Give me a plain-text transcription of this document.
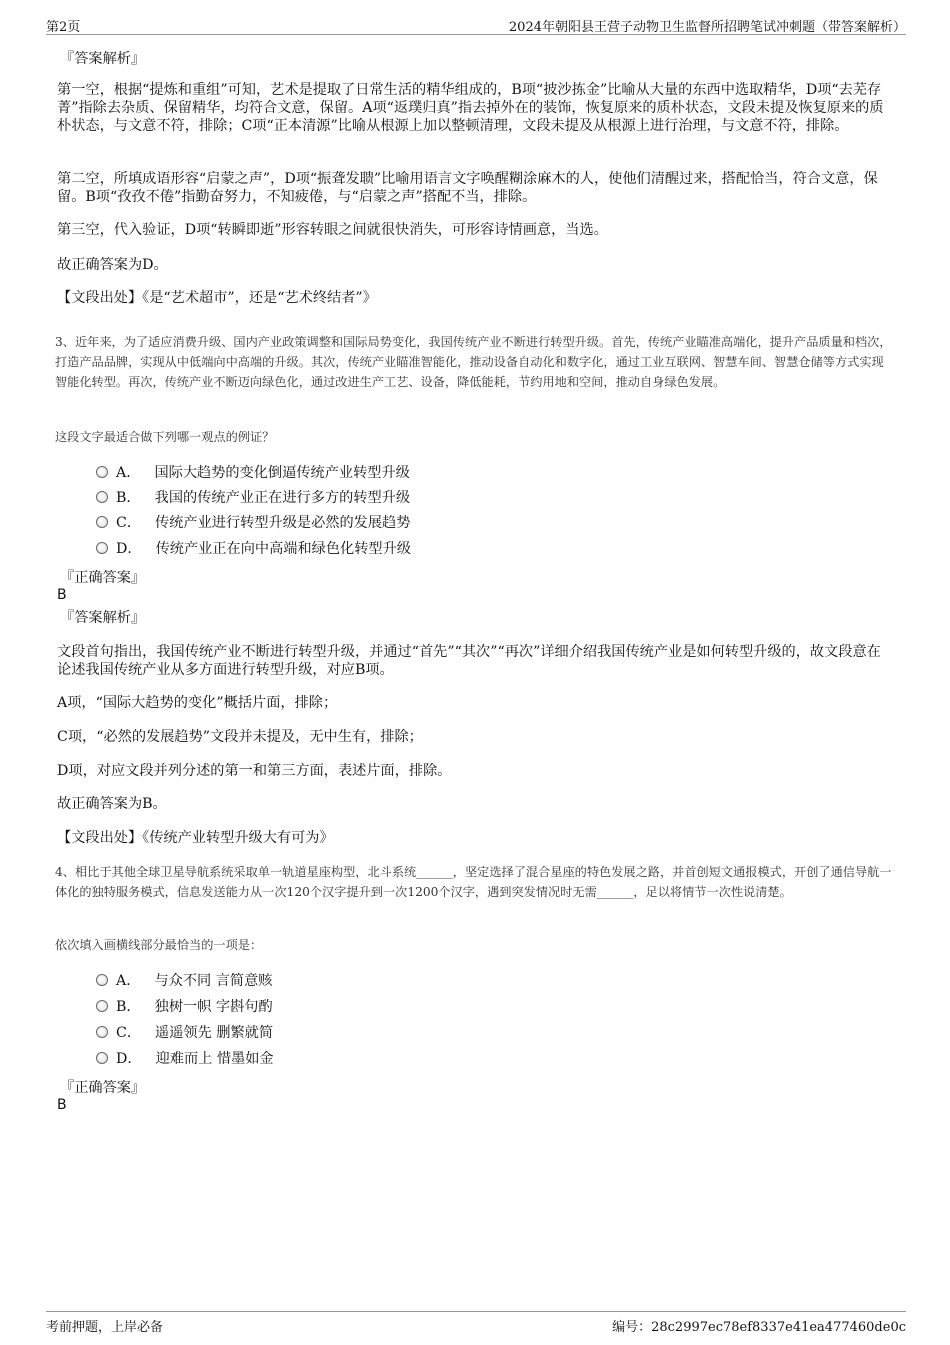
第2页	2024年朝阳县王营子动物卫生监督所招聘笔试冲刺题（带答案解析）
『答案解析』
第一空，根据“提炼和重组”可知，艺术是提取了日常生活的精华组成的，B项“披沙拣金”比喻从大量的东西中选取精华，D项“去芜存菁”指除去杂质、保留精华，均符合文意，保留。A项“返璞归真”指去掉外在的装饰，恢复原来的质朴状态，文段未提及恢复原来的质朴状态，与文意不符，排除；C项“正本清源”比喻从根源上加以整顿清理，文段未提及从根源上进行治理，与文意不符，排除。
第二空，所填成语形容“启蒙之声”，D项“振聋发聩”比喻用语言文字唤醒糊涂麻木的人，使他们清醒过来，搭配恰当，符合文意，保留。B项“孜孜不倦”指勤奋努力，不知疲倦，与“启蒙之声”搭配不当，排除。
第三空，代入验证，D项“转瞬即逝”形容转眼之间就很快消失，可形容诗情画意，当选。
故正确答案为D。
【文段出处】《是“艺术超市”，还是“艺术终结者”》
3、近年来，为了适应消费升级、国内产业政策调整和国际局势变化，我国传统产业不断进行转型升级。首先，传统产业瞄准高端化，提升产品质量和档次，打造产品品牌，实现从中低端向中高端的升级。其次，传统产业瞄准智能化，推动设备自动化和数字化，通过工业互联网、智慧车间、智慧仓储等方式实现智能化转型。再次，传统产业不断迈向绿色化，通过改进生产工艺、设备，降低能耗，节约用地和空间，推动自身绿色发展。
这段文字最适合做下列哪一观点的例证？
A． 国际大趋势的变化倒逼传统产业转型升级
B． 我国的传统产业正在进行多方的转型升级
C． 传统产业进行转型升级是必然的发展趋势
D． 传统产业正在向中高端和绿色化转型升级
『正确答案』
B
『答案解析』
文段首句指出，我国传统产业不断进行转型升级，并通过“首先”“其次”“再次”详细介绍我国传统产业是如何转型升级的，故文段意在论述我国传统产业从多方面进行转型升级，对应B项。
A项，“国际大趋势的变化”概括片面，排除；
C项，“必然的发展趋势”文段并未提及，无中生有，排除；
D项，对应文段并列分述的第一和第三方面，表述片面，排除。
故正确答案为B。
【文段出处】《传统产业转型升级大有可为》
4、相比于其他全球卫星导航系统采取单一轨道星座构型，北斗系统______，坚定选择了混合星座的特色发展之路，并首创短文通报模式，开创了通信导航一体化的独特服务模式，信息发送能力从一次120个汉字提升到一次1200个汉字，遇到突发情况时无需______，足以将情节一次性说清楚。
依次填入画横线部分最恰当的一项是：
A． 与众不同 言简意赅
B． 独树一帜 字斟句酌
C． 遥遥领先 删繁就简
D． 迎难而上 惜墨如金
『正确答案』
B
考前押题，上岸必备	编号：28c2997ec78ef8337e41ea477460de0c
